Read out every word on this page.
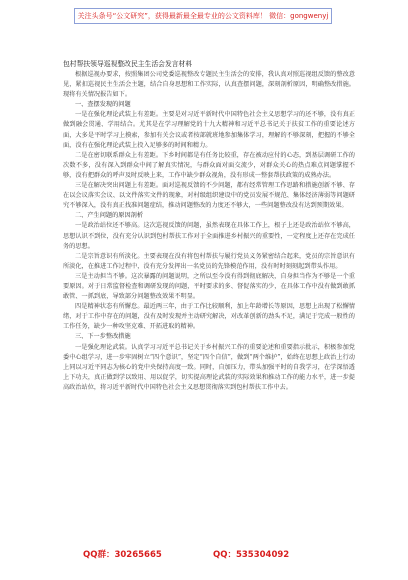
关注头条号“公文研究”，获得最新最全最专业的公文资料库！ 微信：gongwenyj
包村帮扶领导巡视整改民主生活会发言材料

根据巡视办要求，按照集团公司党委巡视整改专题民主生活会的安排，我认真对照巡视组反馈的整改意见，紧扣巡视民主生活会主题，结合自身思想和工作实际，认真查摆问题，深刻剖析原因，明确整改措施。现将有关情况报告如下。

一、查摆发现的问题

一是在强化理论武装上有差距。主要是对习近平新时代中国特色社会主义思想学习的还不够，没有真正做到融会贯通、学用结合。尤其是在学习理解党的十九大精神和习近平总书记关于扶贫工作的重要论述方面，大多是平时学习上摸索，参加有关会议或者按部就班地参加集体学习，理解的不够深刻，把握的不够全面，没有在强化理论武装上投入足够多的时间和精力。

二是在密切联系群众上有差距。下乡时间都是有任务比较重，存在被动应付的心态，到基层调研工作的次数不多，没有深入到群众中间了解真实情况，与群众面对面交流少，对群众关心的热点难点问题掌握不够，没有把群众的呼声及时反映上来，工作中缺少群众视角，没有形成一整套帮扶政策的成熟办法。

三是在解决突出问题上有差距。面对巡视反馈的不少问题，都有经常管理工作思路和措施创新不够、存在以会议落实会议、以文件落实文件的现象，对村级组织建设中的党员发展不规范、集体经济薄弱等问题研究不够深入，没有真正找准问题症结，推动问题整改的力度还不够大，一些问题整改没有达到预期效果。

二、产生问题的原因剖析

一是政治站位还不够高。这次巡视反馈的问题，虽然表现在具体工作上，根子上还是政治站位不够高，思想认识不到位，没有充分认识到包村帮扶工作对于全面推进乡村振兴的重要性，一定程度上还存在完成任务的思想。

二是宗旨意识有所淡化。主要表现在没有将包村帮扶与履行党员义务紧密结合起来，党员的宗旨意识有所淡化，在推进工作过程中，没有充分发挥出一名党员的先锋模范作用，没有时时刻刻起到带头作用。

三是主动担当不够。这次暴露的问题说明，之所以至今没有得到彻底解决，自身担当作为不够是一个重要原因。对于日常监督检查和调研发现的问题，平时要求的多、督促落实的少，在具体工作中没有做到敢抓敢管、一抓到底，导致部分问题整改效果不明显。

四是精神状态有所懈怠。最近两三年，由于工作比较顺利，加上年龄增长等原因，思想上出现了松懈情绪，对于工作中存在的问题，没有及时发现并主动研究解决，对改革创新的劲头不足，满足于完成一般性的工作任务，缺少一种攻坚克难、开拓进取的精神。

三、下一步整改措施

一是强化理论武装。认真学习习近平总书记关于乡村振兴工作的重要论述和重要指示批示，积极参加党委中心组学习，进一步牢固树立“四个意识”，坚定“四个自信”，做到“两个维护”，始终在思想上政治上行动上同以习近平同志为核心的党中央保持高度一致。同时，自加压力，带头加强平时的自我学习，在学深悟透上下功夫，真正做到学以致用、用以促学，切实提高理论武装的实际效果和推动工作的能力水平，进一步提高政治站位，将习近平新时代中国特色社会主义思想贯彻落实到包村帮扶工作中去。

QQ群：30265665	QQ：535304092
